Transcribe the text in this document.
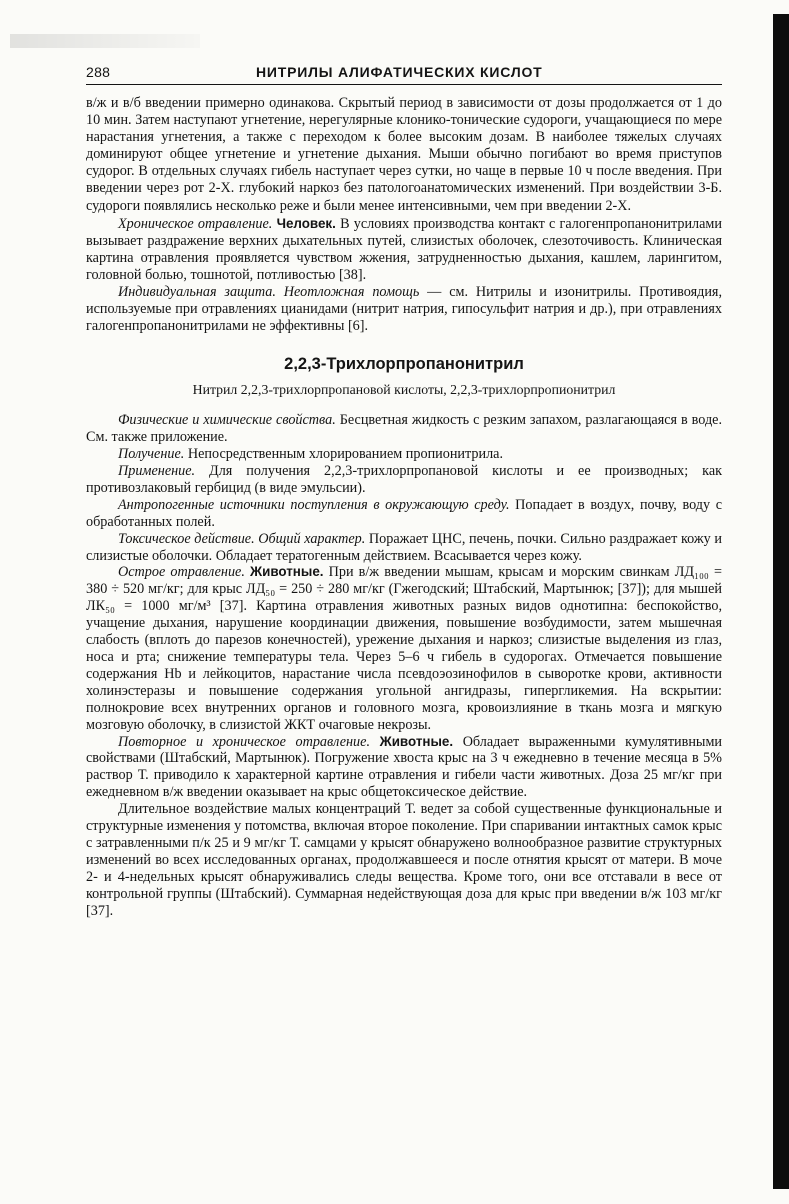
288	НИТРИЛЫ АЛИФАТИЧЕСКИХ КИСЛОТ

в/ж и в/б введении примерно одинакова. Скрытый период в зависимости от дозы продолжается от 1 до 10 мин. Затем наступают угнетение, нерегулярные клонико-тонические судороги, учащающиеся по мере нарастания угнетения, а также с переходом к более высоким дозам. В наиболее тяжелых случаях доминируют общее угнетение и угнетение дыхания. Мыши обычно погибают во время приступов судорог. В отдельных случаях гибель наступает через сутки, но чаще в первые 10 ч после введения. При введении через рот 2-Х. глубокий наркоз без патологоанатомических изменений. При воздействии 3-Б. судороги появлялись несколько реже и были менее интенсивными, чем при введении 2-Х.

Хроническое отравление. Человек. В условиях производства контакт с галогенпропанонитрилами вызывает раздражение верхних дыхательных путей, слизистых оболочек, слезоточивость. Клиническая картина отравления проявляется чувством жжения, затрудненностью дыхания, кашлем, ларингитом, головной болью, тошнотой, потливостью [38].

Индивидуальная защита. Неотложная помощь — см. Нитрилы и изонитрилы. Противоядия, используемые при отравлениях цианидами (нитрит натрия, гипосульфит натрия и др.), при отравлениях галогенпропанонитрилами не эффективны [6].

2,2,3-Трихлорпропанонитрил
Нитрил 2,2,3-трихлорпропановой кислоты, 2,2,3-трихлорпропионитрил

Физические и химические свойства. Бесцветная жидкость с резким запахом, разлагающаяся в воде. См. также приложение.

Получение. Непосредственным хлорированием пропионитрила.

Применение. Для получения 2,2,3-трихлорпропановой кислоты и ее производных; как противозлаковый гербицид (в виде эмульсии).

Антропогенные источники поступления в окружающую среду. Попадает в воздух, почву, воду с обработанных полей.

Токсическое действие. Общий характер. Поражает ЦНС, печень, почки. Сильно раздражает кожу и слизистые оболочки. Обладает тератогенным действием. Всасывается через кожу.

Острое отравление. Животные. При в/ж введении мышам, крысам и морским свинкам ЛД₁₀₀ = 380 ÷ 520 мг/кг; для крыс ЛД₅₀ = 250 ÷ 280 мг/кг (Гжегодский; Штабский, Мартынюк; [37]); для мышей ЛК₅₀ = 1000 мг/м³ [37]. Картина отравления животных разных видов однотипна: беспокойство, учащение дыхания, нарушение координации движения, повышение возбудимости, затем мышечная слабость (вплоть до парезов конечностей), урежение дыхания и наркоз; слизистые выделения из глаз, носа и рта; снижение температуры тела. Через 5–6 ч гибель в судорогах. Отмечается повышение содержания Hb и лейкоцитов, нарастание числа псевдоэозинофилов в сыворотке крови, активности холинэстеразы и повышение содержания угольной ангидразы, гипергликемия. На вскрытии: полнокровие всех внутренних органов и головного мозга, кровоизлияние в ткань мозга и мягкую мозговую оболочку, в слизистой ЖКТ очаговые некрозы.

Повторное и хроническое отравление. Животные. Обладает выраженными кумулятивными свойствами (Штабский, Мартынюк). Погружение хвоста крыс на 3 ч ежедневно в течение месяца в 5% раствор Т. приводило к характерной картине отравления и гибели части животных. Доза 25 мг/кг при ежедневном в/ж введении оказывает на крыс общетоксическое действие.

Длительное воздействие малых концентраций Т. ведет за собой существенные функциональные и структурные изменения у потомства, включая второе поколение. При спаривании интактных самок крыс с затравленными п/к 25 и 9 мг/кг Т. самцами у крысят обнаружено волнообразное развитие структурных изменений во всех исследованных органах, продолжавшееся и после отнятия крысят от матери. В моче 2- и 4-недельных крысят обнаруживались следы вещества. Кроме того, они все отставали в весе от контрольной группы (Штабский). Суммарная недействующая доза для крыс при введении в/ж 103 мг/кг [37].
